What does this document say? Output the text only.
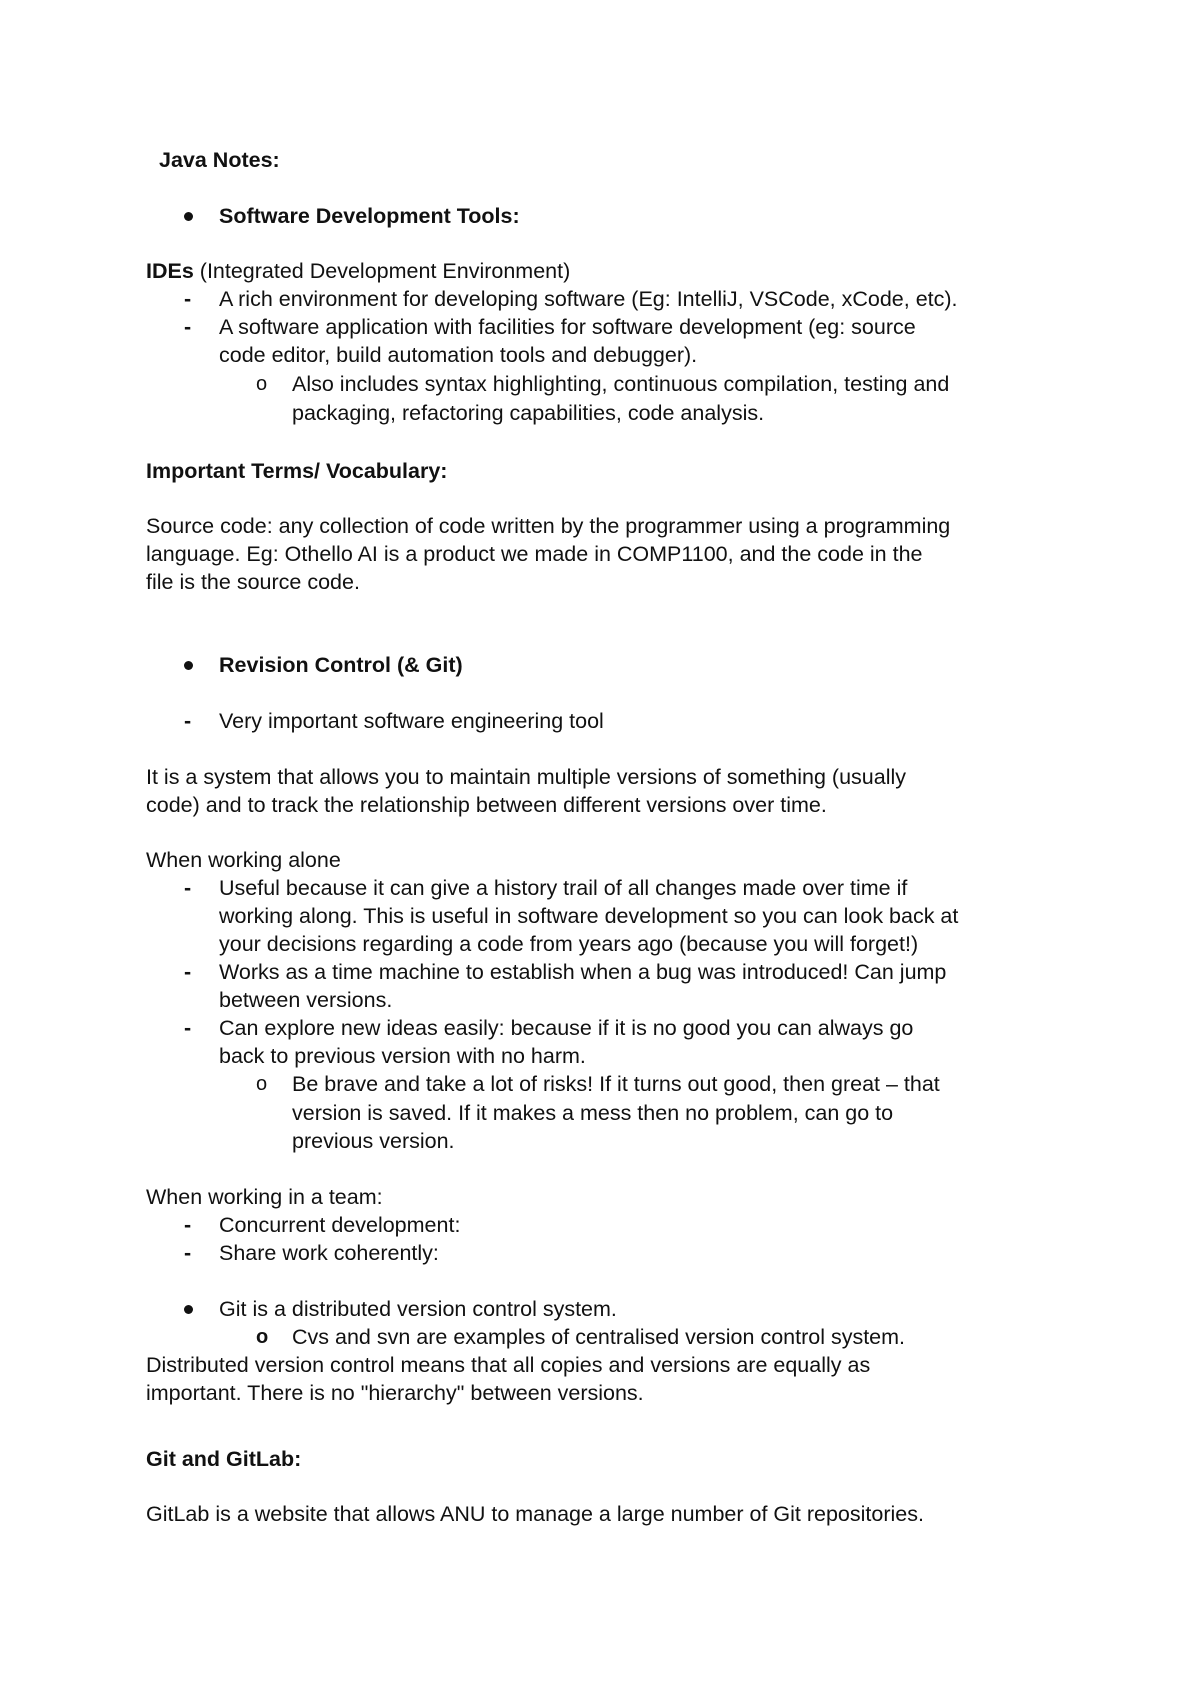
Java Notes:
Software Development Tools:
IDEs (Integrated Development Environment)
- A rich environment for developing software (Eg: IntelliJ, VSCode, xCode, etc).
- A software application with facilities for software development (eg: source
code editor, build automation tools and debugger).
o Also includes syntax highlighting, continuous compilation, testing and
packaging, refactoring capabilities, code analysis.
Important Terms/ Vocabulary:
Source code: any collection of code written by the programmer using a programming
language. Eg: Othello AI is a product we made in COMP1100, and the code in the
file is the source code.
Revision Control (& Git)
- Very important software engineering tool
It is a system that allows you to maintain multiple versions of something (usually
code) and to track the relationship between different versions over time.
When working alone
- Useful because it can give a history trail of all changes made over time if
working along. This is useful in software development so you can look back at
your decisions regarding a code from years ago (because you will forget!)
- Works as a time machine to establish when a bug was introduced! Can jump
between versions.
- Can explore new ideas easily: because if it is no good you can always go
back to previous version with no harm.
o Be brave and take a lot of risks! If it turns out good, then great – that
version is saved. If it makes a mess then no problem, can go to
previous version.
When working in a team:
- Concurrent development:
- Share work coherently:
Git is a distributed version control system.
o Cvs and svn are examples of centralised version control system.
Distributed version control means that all copies and versions are equally as
important. There is no "hierarchy" between versions.
Git and GitLab:
GitLab is a website that allows ANU to manage a large number of Git repositories.
